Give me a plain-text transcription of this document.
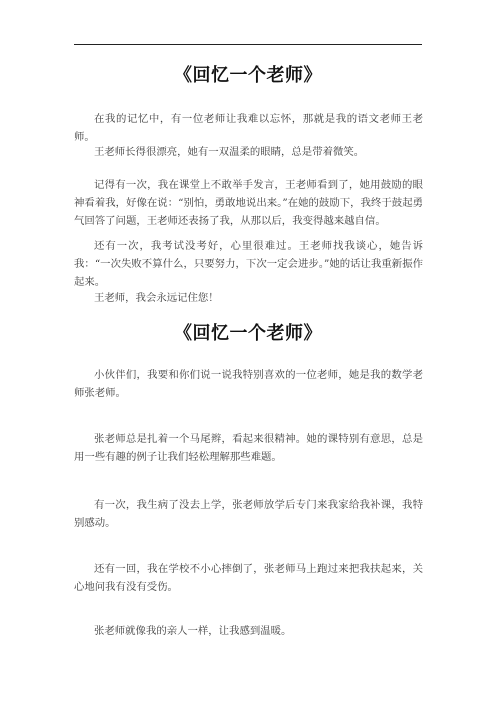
《回忆一个老师》

在我的记忆中，有一位老师让我难以忘怀，那就是我的语文老师王老师。

王老师长得很漂亮，她有一双温柔的眼睛，总是带着微笑。

记得有一次，我在课堂上不敢举手发言，王老师看到了，她用鼓励的眼神看着我，好像在说：“别怕，勇敢地说出来。”在她的鼓励下，我终于鼓起勇气回答了问题，王老师还表扬了我，从那以后，我变得越来越自信。

还有一次，我考试没考好，心里很难过。王老师找我谈心，她告诉我：“一次失败不算什么，只要努力，下次一定会进步。”她的话让我重新振作起来。

王老师，我会永远记住您！

《回忆一个老师》

小伙伴们，我要和你们说一说我特别喜欢的一位老师，她是我的数学老师张老师。

张老师总是扎着一个马尾辫，看起来很精神。她的课特别有意思，总是用一些有趣的例子让我们轻松理解那些难题。

有一次，我生病了没去上学，张老师放学后专门来我家给我补课，我特别感动。

还有一回，我在学校不小心摔倒了，张老师马上跑过来把我扶起来，关心地问我有没有受伤。

张老师就像我的亲人一样，让我感到温暖。
